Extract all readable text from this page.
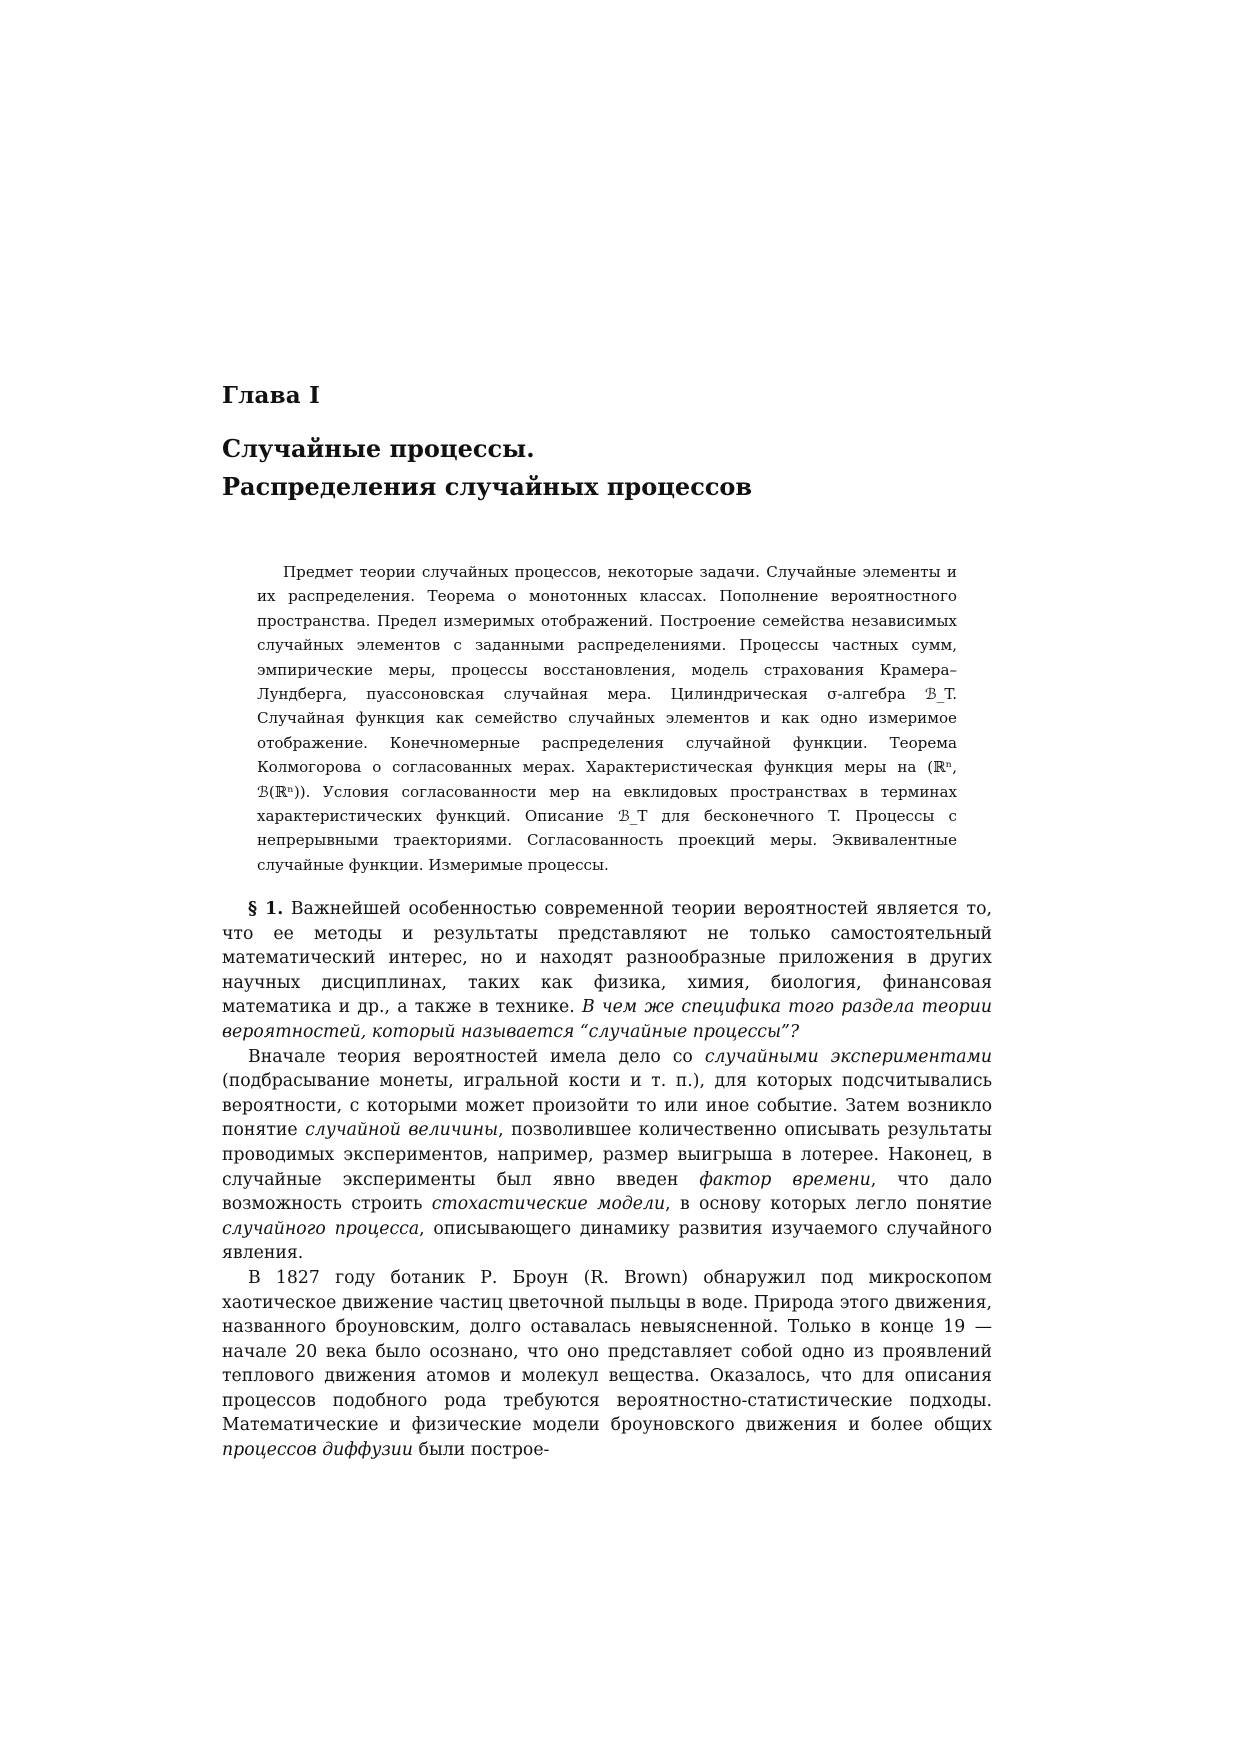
Глава I
Случайные процессы.
Распределения случайных процессов

Предмет теории случайных процессов, некоторые задачи. Случайные элементы и их распределения. Теорема о монотонных классах. Пополнение вероятностного пространства. Предел измеримых отображений. Построение семейства независимых случайных элементов с заданными распределениями. Процессы частных сумм, эмпирические меры, процессы восстановления, модель страхования Крамера–Лундберга, пуассоновская случайная мера. Цилиндрическая σ-алгебра ℬ_T. Случайная функция как семейство случайных элементов и как одно измеримое отображение. Конечномерные распределения случайной функции. Теорема Колмогорова о согласованных мерах. Характеристическая функция меры на (ℝⁿ, ℬ(ℝⁿ)). Условия согласованности мер на евклидовых пространствах в терминах характеристических функций. Описание ℬ_T для бесконечного T. Процессы с непрерывными траекториями. Согласованность проекций меры. Эквивалентные случайные функции. Измеримые процессы.

§ 1. Важнейшей особенностью современной теории вероятностей является то, что ее методы и результаты представляют не только самостоятельный математический интерес, но и находят разнообразные приложения в других научных дисциплинах, таких как физика, химия, биология, финансовая математика и др., а также в технике. В чем же специфика того раздела теории вероятностей, который называется “случайные процессы”?

Вначале теория вероятностей имела дело со случайными экспериментами (подбрасывание монеты, игральной кости и т. п.), для которых подсчитывались вероятности, с которыми может произойти то или иное событие. Затем возникло понятие случайной величины, позволившее количественно описывать результаты проводимых экспериментов, например, размер выигрыша в лотерее. Наконец, в случайные эксперименты был явно введен фактор времени, что дало возможность строить стохастические модели, в основу которых легло понятие случайного процесса, описывающего динамику развития изучаемого случайного явления.

В 1827 году ботаник Р. Броун (R. Brown) обнаружил под микроскопом хаотическое движение частиц цветочной пыльцы в воде. Природа этого движения, названного броуновским, долго оставалась невыясненной. Только в конце 19 — начале 20 века было осознано, что оно представляет собой одно из проявлений теплового движения атомов и молекул вещества. Оказалось, что для описания процессов подобного рода требуются вероятностно-статистические подходы. Математические и физические модели броуновского движения и более общих процессов диффузии были построе-
